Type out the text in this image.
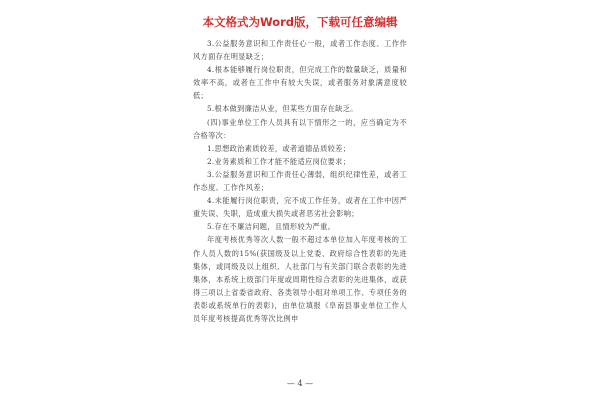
本文格式为Word版，下载可任意编辑

3.公益服务意识和工作责任心一般，或者工作态度、工作作风方面存在明显缺乏；

4.根本能够履行岗位职责，但完成工作的数量缺乏，质量和效率不高，或者在工作中有较大失误，或者服务对象满意度较低；

5.根本做到廉洁从业，但某些方面存在缺乏。

(四)事业单位工作人员具有以下情形之一的，应当确定为不合格等次：

1.思想政治素质较差，或者道德品质较差；

2.业务素质和工作才能不能适应岗位要求；

3.公益服务意识和工作责任心薄弱，组织纪律性差，或者工作态度、工作作风差；

4.未能履行岗位职责，完不成工作任务，或者在工作中因严重失误、失职，造成重大损失或者恶劣社会影响；

5.存在不廉洁问题，且情形较为严重。

年度考核优秀等次人数一般不超过本单位加入年度考核的工作人员人数的15%(获国级及以上党委、政府综合性表彰的先进集体，或同级及以上组织、人社部门与有关部门联合表彰的先进集体，本系统上级部门年度或周期性综合表彰的先进集体，或获得三项以上省委省政府、各类领导小组对单项工作、专项任务的表彰或系统单行的表彰)，由单位填报《阜南县事业单位工作人员年度考核提高优秀等次比例申

— 4 —
